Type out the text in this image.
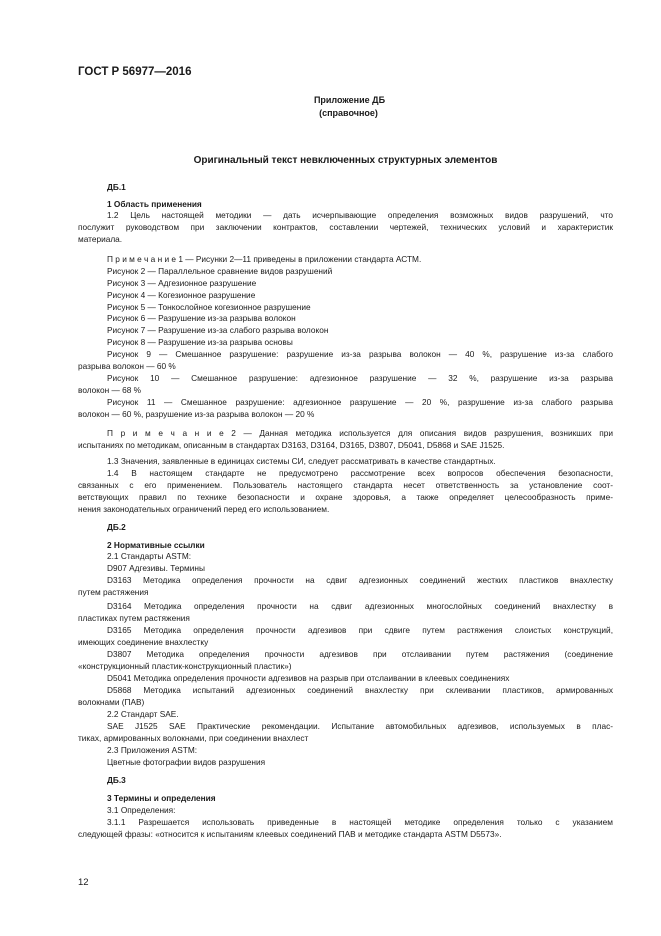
ГОСТ Р 56977—2016
Приложение ДБ
(справочное)
Оригинальный текст невключенных структурных элементов
ДБ.1
1 Область применения
1.2 Цель настоящей методики — дать исчерпывающие определения возможных видов разрушений, что
послужит руководством при заключении контрактов, составлении чертежей, технических условий и характеристик
материала.
П р и м е ч а н и е 1 — Рисунки 2—11 приведены в приложении стандарта АСТМ.
Рисунок 2 — Параллельное сравнение видов разрушений
Рисунок 3 — Адгезионное разрушение
Рисунок 4 — Когезионное разрушение
Рисунок 5 — Тонкослойное когезионное разрушение
Рисунок 6 — Разрушение из-за разрыва волокон
Рисунок 7 — Разрушение из-за слабого разрыва волокон
Рисунок 8 — Разрушение из-за разрыва основы
Рисунок 9 — Смешанное разрушение: разрушение из-за разрыва волокон — 40 %, разрушение из-за слабого
разрыва волокон — 60 %
Рисунок 10 — Смешанное разрушение: адгезионное разрушение — 32 %, разрушение из-за разрыва
волокон — 68 %
Рисунок 11 — Смешанное разрушение: адгезионное разрушение — 20 %, разрушение из-за слабого разрыва
волокон — 60 %, разрушение из-за разрыва волокон — 20 %
П р и м е ч а н и е 2 — Данная методика используется для описания видов разрушения, возникших при
испытаниях по методикам, описанным в стандартах D3163, D3164, D3165, D3807, D5041, D5868 и SAE J1525.
1.3 Значения, заявленные в единицах системы СИ, следует рассматривать в качестве стандартных.
1.4 В настоящем стандарте не предусмотрено рассмотрение всех вопросов обеспечения безопасности,
связанных с его применением. Пользователь настоящего стандарта несет ответственность за установление соот-
ветствующих правил по технике безопасности и охране здоровья, а также определяет целесообразность приме-
нения законодательных ограничений перед его использованием.
ДБ.2
2 Нормативные ссылки
2.1 Стандарты ASTM:
D907 Адгезивы. Термины
D3163 Методика определения прочности на сдвиг адгезионных соединений жестких пластиков внахлестку
путем растяжения
D3164 Методика определения прочности на сдвиг адгезионных многослойных соединений внахлестку в
пластиках путем растяжения
D3165 Методика определения прочности адгезивов при сдвиге путем растяжения слоистых конструкций,
имеющих соединение внахлестку
D3807 Методика определения прочности адгезивов при отслаивании путем растяжения (соединение
«конструкционный пластик-конструкционный пластик»)
D5041 Методика определения прочности адгезивов на разрыв при отслаивании в клеевых соединениях
D5868 Методика испытаний адгезионных соединений внахлестку при склеивании пластиков, армированных
волокнами (ПАВ)
2.2 Стандарт SAE.
SAE J1525 SAE Практические рекомендации. Испытание автомобильных адгезивов, используемых в плас-
тиках, армированных волокнами, при соединении внахлест
2.3 Приложения ASTM:
Цветные фотографии видов разрушения
ДБ.3
3 Термины и определения
3.1 Определения:
3.1.1 Разрешается использовать приведенные в настоящей методике определения только с указанием
следующей фразы: «относится к испытаниям клеевых соединений ПАВ и методике стандарта ASTM D5573».
12
